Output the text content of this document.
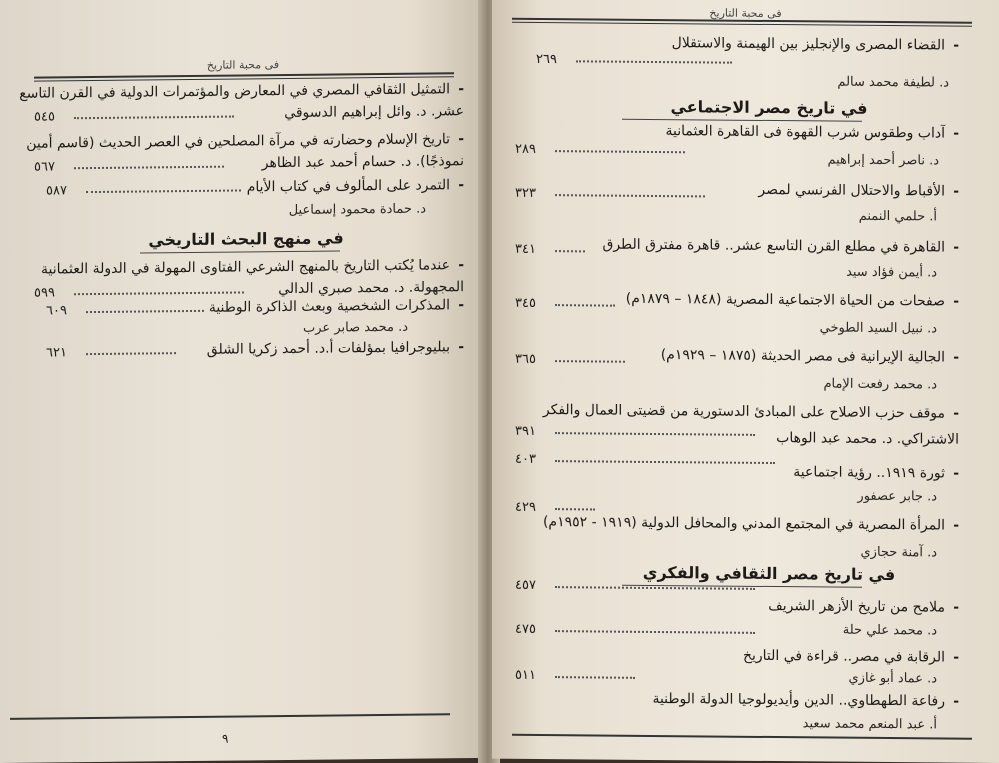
فى محبة التاريخ
-
التمثيل الثقافي المصري في المعارض والمؤتمرات الدولية في القرن التاسع
عشر. د. وائل إبراهيم الدسوقي
٥٤٥
-
تاريخ الإسلام وحضارته في مرآة المصلحين في العصر الحديث (قاسم أمين
نموذجًا). د. حسام أحمد عبد الظاهر
٥٦٧
-
التمرد على المألوف في كتاب الأيام
٥٨٧
د. حمادة محمود إسماعيل
في منهج البحث التاريخي
-
عندما يُكتب التاريخ بالمنهج الشرعي الفتاوى المهولة في الدولة العثمانية
المجهولة. د. محمد صبري الدالي
٥٩٩
-
المذكرات الشخصية وبعث الذاكرة الوطنية
٦٠٩
د. محمد صابر عرب
-
ببليوجرافيا بمؤلفات أ.د. أحمد زكريا الشلق
٦٢١
٩
فى محبة التاريخ
-
القضاء المصرى والإنجليز بين الهيمنة والاستقلال
٢٦٩
د. لطيفة محمد سالم
في تاريخ مصر الاجتماعي
-
آداب وطقوس شرب القهوة فى القاهرة العثمانية
٢٨٩
د. ناصر أحمد إبراهيم
-
الأقباط والاحتلال الفرنسي لمصر
٣٢٣
أ. حلمي النمنم
-
القاهرة في مطلع القرن التاسع عشر.. قاهرة مفترق الطرق
٣٤١
د. أيمن فؤاد سيد
-
صفحات من الحياة الاجتماعية المصرية (١٨٤٨ – ١٨٧٩م)
٣٤٥
د. نبيل السيد الطوخي
-
الجالية الإيرانية فى مصر الحديثة (١٨٧٥ – ١٩٢٩م)
٣٦٥
د. محمد رفعت الإمام
-
موقف حزب الاصلاح على المبادئ الدستورية من قضيتى العمال والفكر
الاشتراكي. د. محمد عبد الوهاب
٣٩١
-
ثورة ١٩١٩.. رؤية اجتماعية
٤٠٣
د. جابر عصفور
-
المرأة المصرية في المجتمع المدني والمحافل الدولية (١٩١٩ - ١٩٥٢م)
٤٢٩
د. آمنة حجازي
في تاريخ مصر الثقافي والفكري
-
ملامح من تاريخ الأزهر الشريف
٤٥٧
د. محمد علي حلة
-
الرقابة في مصر.. قراءة في التاريخ
٤٧٥
د. عماد أبو غازي
-
رفاعة الطهطاوي.. الدين وأيديولوجيا الدولة الوطنية
٥١١
أ. عبد المنعم محمد سعيد
